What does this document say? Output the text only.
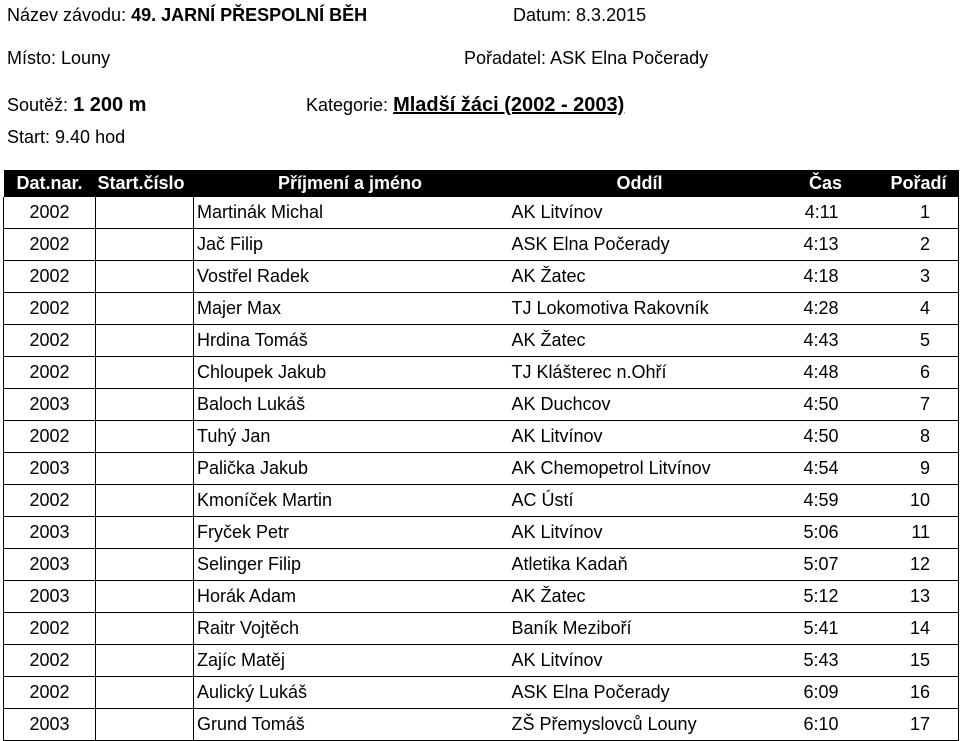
Název závodu: 49. JARNÍ PŘESPOLNÍ BĚH	Datum: 8.3.2015
Místo: Louny	Pořadatel: ASK Elna Počerady
Soutěž: 1 200 m	Kategorie: Mladší žáci (2002 - 2003)
Start: 9.40 hod
Dat.nar.	Start.číslo	Příjmení a jméno	Oddíl	Čas	Pořadí
2002		Martinák Michal	AK Litvínov	4:11	1
2002		Jač Filip	ASK Elna Počerady	4:13	2
2002		Vostřel Radek	AK Žatec	4:18	3
2002		Majer Max	TJ Lokomotiva Rakovník	4:28	4
2002		Hrdina Tomáš	AK Žatec	4:43	5
2002		Chloupek Jakub	TJ Klášterec n.Ohří	4:48	6
2003		Baloch Lukáš	AK Duchcov	4:50	7
2002		Tuhý Jan	AK Litvínov	4:50	8
2003		Palička Jakub	AK Chemopetrol Litvínov	4:54	9
2002		Kmoníček Martin	AC Ústí	4:59	10
2003		Fryček Petr	AK Litvínov	5:06	11
2003		Selinger Filip	Atletika Kadaň	5:07	12
2003		Horák Adam	AK Žatec	5:12	13
2002		Raitr Vojtěch	Baník Meziboří	5:41	14
2002		Zajíc Matěj	AK Litvínov	5:43	15
2002		Aulický Lukáš	ASK Elna Počerady	6:09	16
2003		Grund Tomáš	ZŠ Přemyslovců Louny	6:10	17
